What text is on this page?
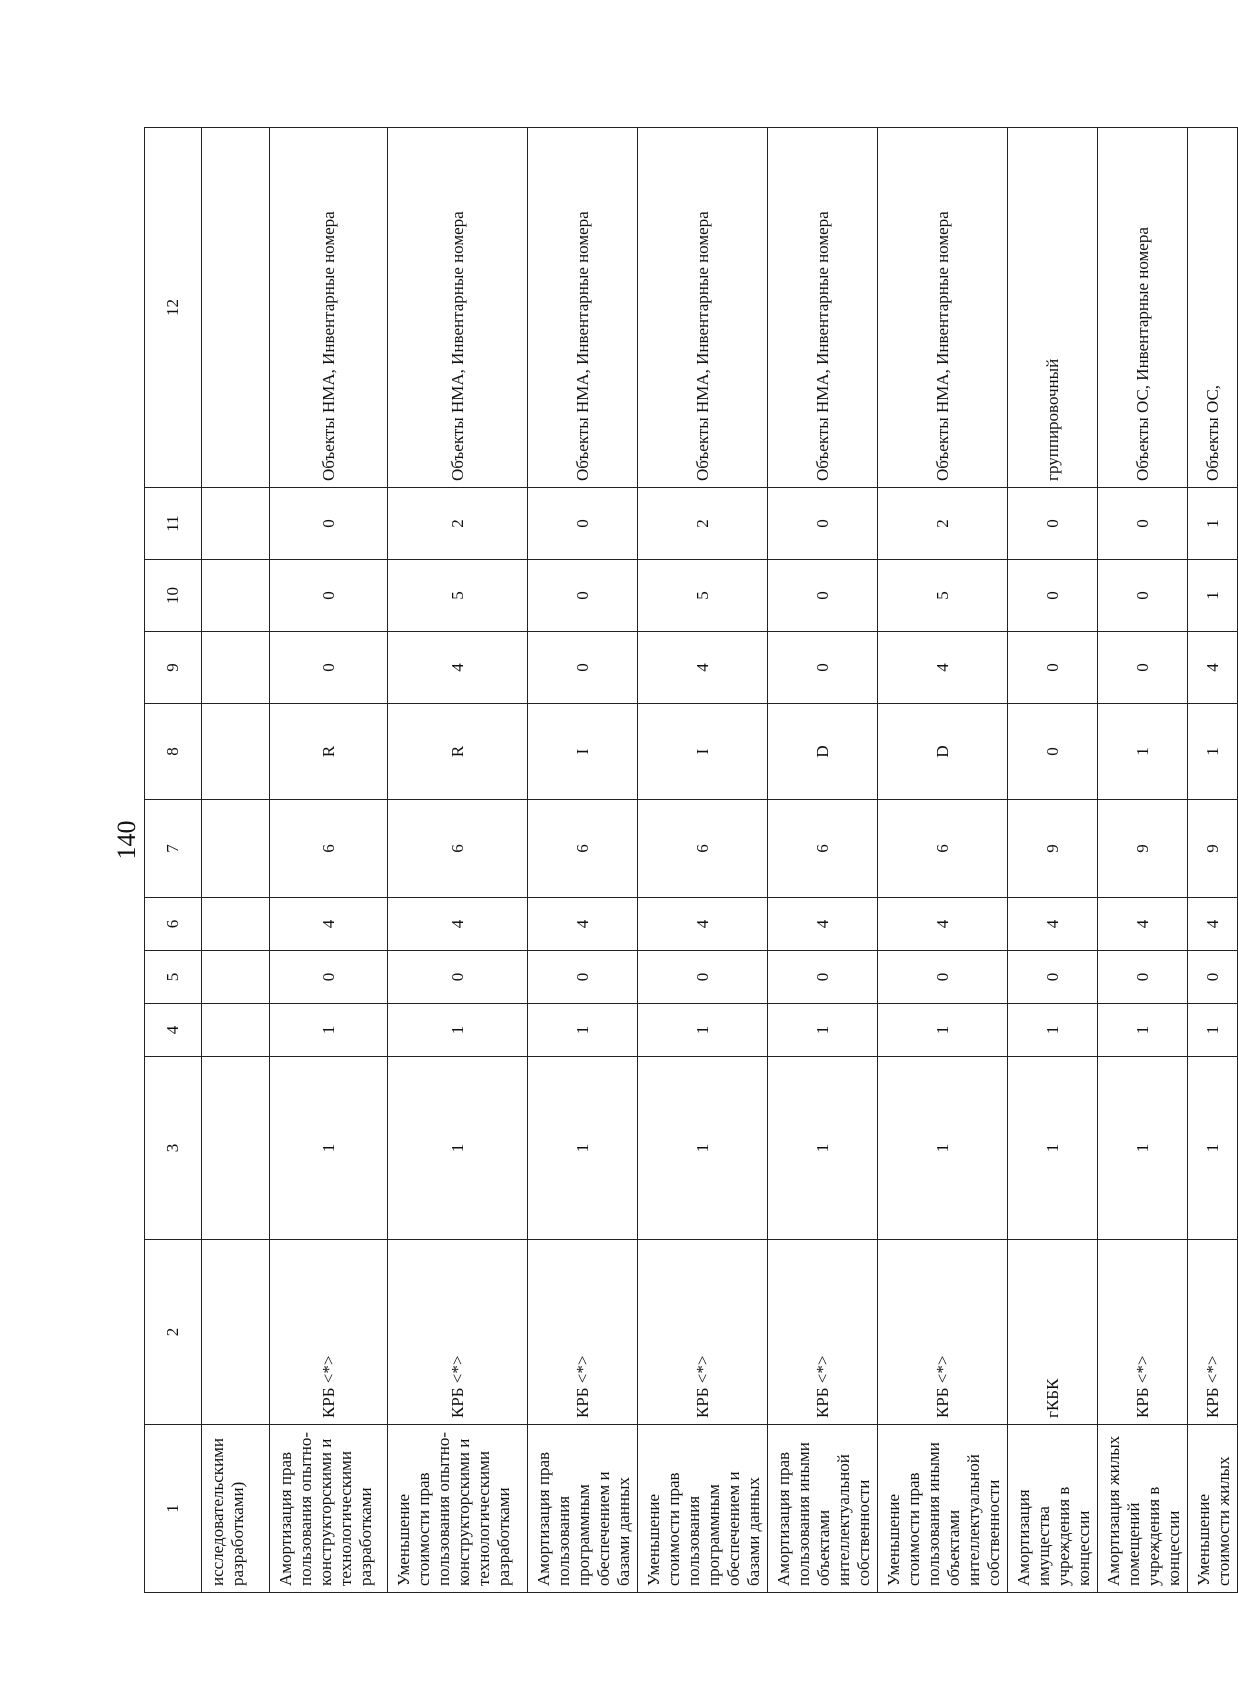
140
1	2	3	4	5	6	7	8	9	10	11	12
исследовательскими разработками)											
Амортизация прав пользования опытно-конструкторскими и технологическими разработками	КРБ <*>	1	1	0	4	6	R	0	0	0	Объекты НМА, Инвентарные номера
Уменьшение стоимости прав пользования опытно-конструкторскими и технологическими разработками	КРБ <*>	1	1	0	4	6	R	4	5	2	Объекты НМА, Инвентарные номера
Амортизация прав пользования программным обеспечением и базами данных	КРБ <*>	1	1	0	4	6	I	0	0	0	Объекты НМА, Инвентарные номера
Уменьшение стоимости прав пользования программным обеспечением и базами данных	КРБ <*>	1	1	0	4	6	I	4	5	2	Объекты НМА, Инвентарные номера
Амортизация прав пользования иными объектами интеллектуальной собственности	КРБ <*>	1	1	0	4	6	D	0	0	0	Объекты НМА, Инвентарные номера
Уменьшение стоимости прав пользования иными объектами интеллектуальной собственности	КРБ <*>	1	1	0	4	6	D	4	5	2	Объекты НМА, Инвентарные номера
Амортизация имущества учреждения в концессии	гКБК	1	1	0	4	9	0	0	0	0	группировочный
Амортизация жилых помещений учреждения в концессии	КРБ <*>	1	1	0	4	9	1	0	0	0	Объекты ОС, Инвентарные номера
Уменьшение стоимости жилых	КРБ <*>	1	1	0	4	9	1	4	1	1	Объекты ОС,
